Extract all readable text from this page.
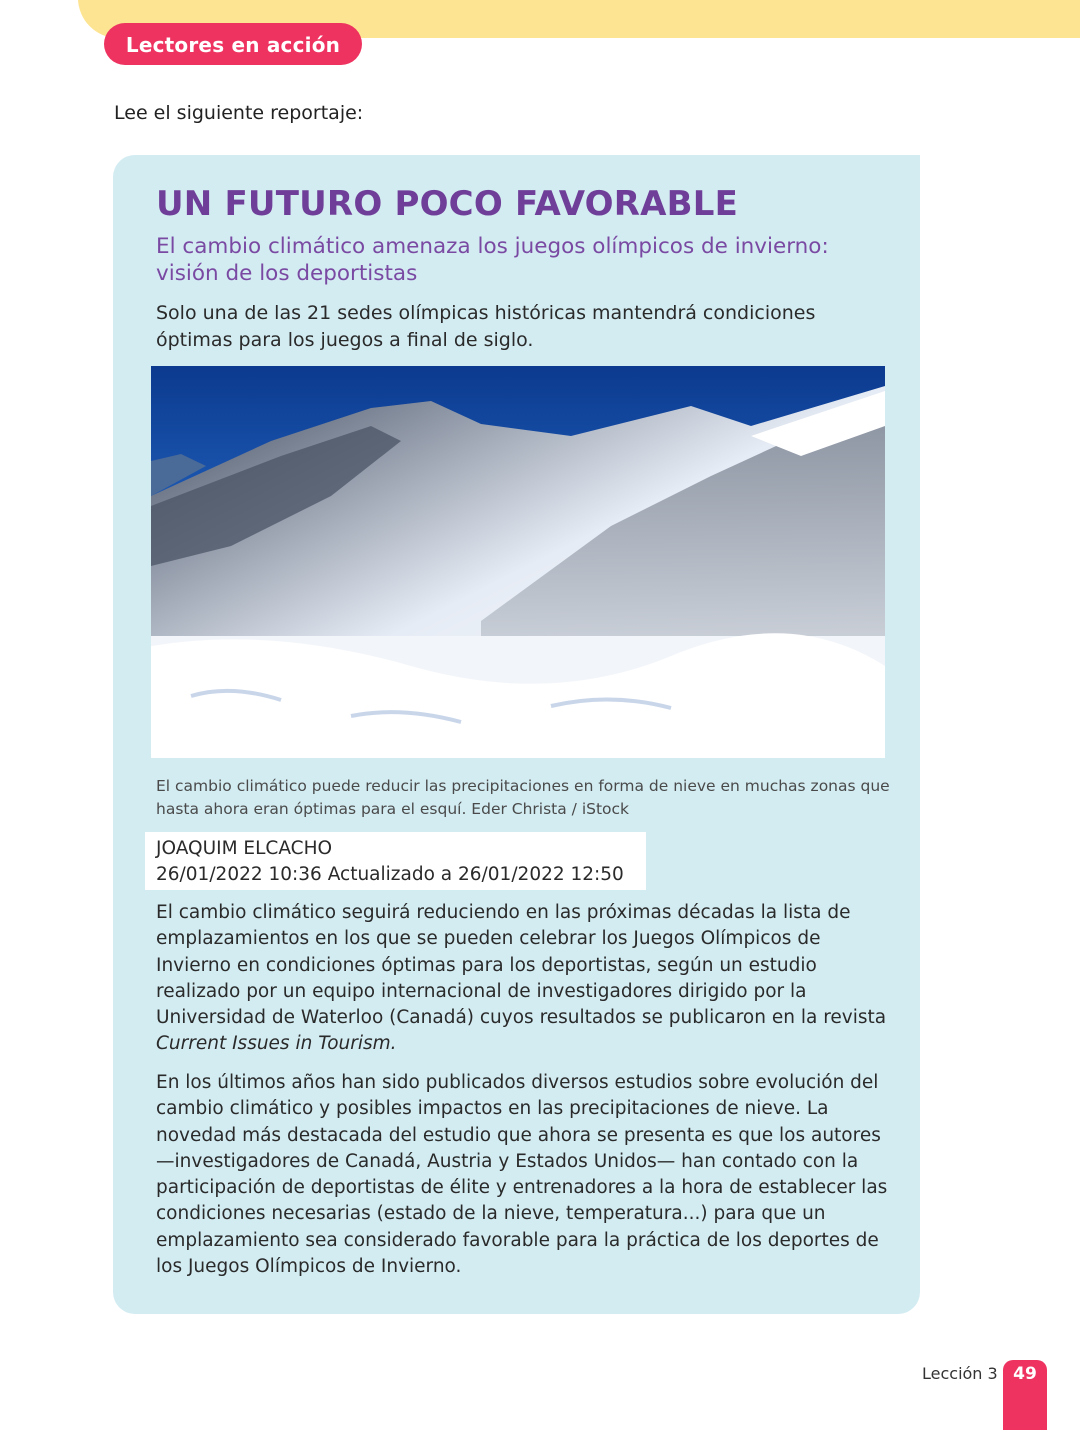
Lectores en acción
Lee el siguiente reportaje:
UN FUTURO POCO FAVORABLE
El cambio climático amenaza los juegos olímpicos de invierno: visión de los deportistas
Solo una de las 21 sedes olímpicas históricas mantendrá condiciones óptimas para los juegos a final de siglo.
El cambio climático puede reducir las precipitaciones en forma de nieve en muchas zonas que hasta ahora eran óptimas para el esquí. Eder Christa / iStock
JOAQUIM ELCACHO
26/01/2022 10:36 Actualizado a 26/01/2022 12:50
El cambio climático seguirá reduciendo en las próximas décadas la lista de emplazamientos en los que se pueden celebrar los Juegos Olímpicos de Invierno en condiciones óptimas para los deportistas, según un estudio realizado por un equipo internacional de investigadores dirigido por la Universidad de Waterloo (Canadá) cuyos resultados se publicaron en la revista Current Issues in Tourism.
En los últimos años han sido publicados diversos estudios sobre evolución del cambio climático y posibles impactos en las precipitaciones de nieve. La novedad más destacada del estudio que ahora se presenta es que los autores —investigadores de Canadá, Austria y Estados Unidos— han contado con la participación de deportistas de élite y entrenadores a la hora de establecer las condiciones necesarias (estado de la nieve, temperatura...) para que un emplazamiento sea considerado favorable para la práctica de los deportes de los Juegos Olímpicos de Invierno.
Lección 3 49
